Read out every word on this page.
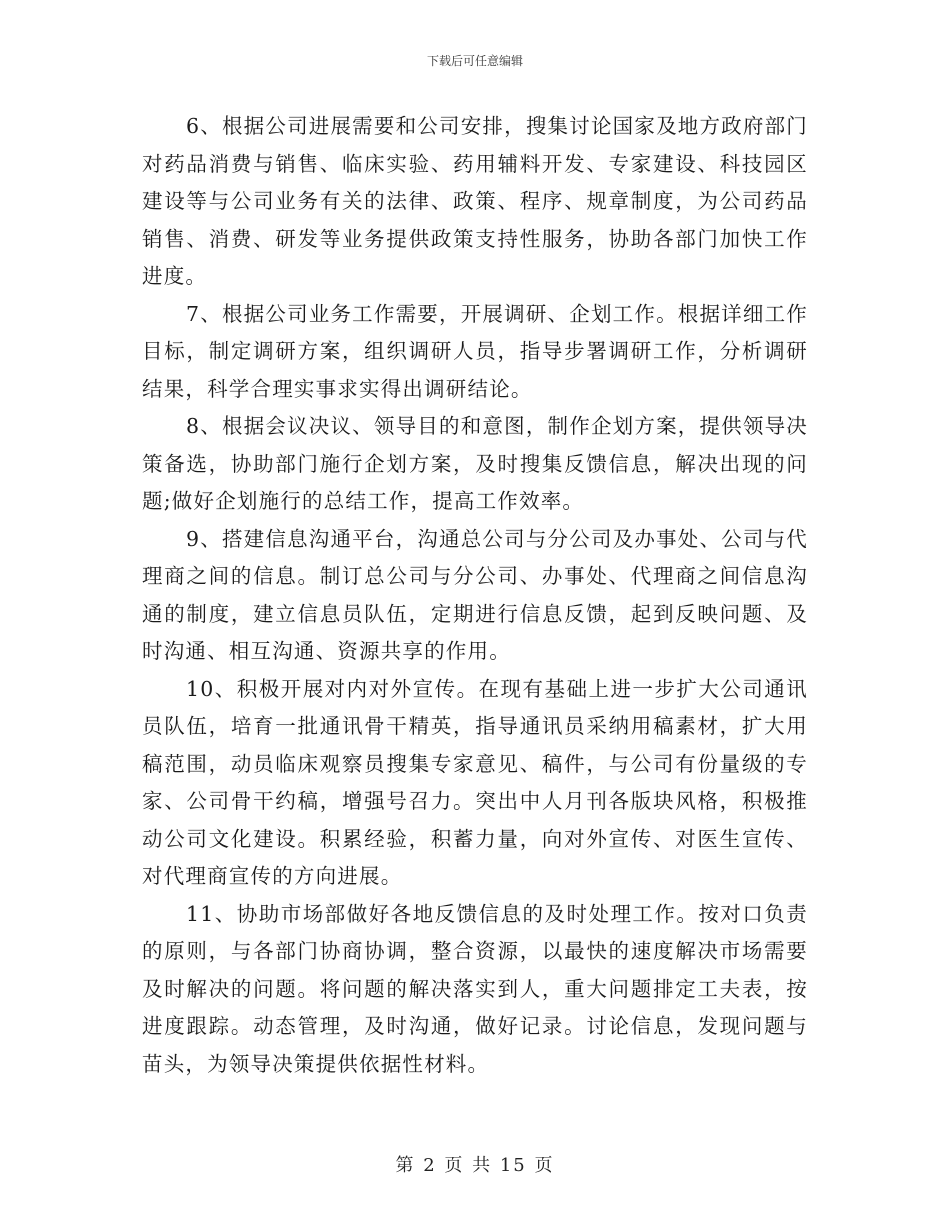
下载后可任意编辑

6、根据公司进展需要和公司安排，搜集讨论国家及地方政府部门对药品消费与销售、临床实验、药用辅料开发、专家建设、科技园区建设等与公司业务有关的法律、政策、程序、规章制度，为公司药品销售、消费、研发等业务提供政策支持性服务，协助各部门加快工作进度。

7、根据公司业务工作需要，开展调研、企划工作。根据详细工作目标，制定调研方案，组织调研人员，指导步署调研工作，分析调研结果，科学合理实事求实得出调研结论。

8、根据会议决议、领导目的和意图，制作企划方案，提供领导决策备选，协助部门施行企划方案，及时搜集反馈信息，解决出现的问题;做好企划施行的总结工作，提高工作效率。

9、搭建信息沟通平台，沟通总公司与分公司及办事处、公司与代理商之间的信息。制订总公司与分公司、办事处、代理商之间信息沟通的制度，建立信息员队伍，定期进行信息反馈，起到反映问题、及时沟通、相互沟通、资源共享的作用。

10、积极开展对内对外宣传。在现有基础上进一步扩大公司通讯员队伍，培育一批通讯骨干精英，指导通讯员采纳用稿素材，扩大用稿范围，动员临床观察员搜集专家意见、稿件，与公司有份量级的专家、公司骨干约稿，增强号召力。突出中人月刊各版块风格，积极推动公司文化建设。积累经验，积蓄力量，向对外宣传、对医生宣传、对代理商宣传的方向进展。

11、协助市场部做好各地反馈信息的及时处理工作。按对口负责的原则，与各部门协商协调，整合资源，以最快的速度解决市场需要及时解决的问题。将问题的解决落实到人，重大问题排定工夫表，按进度跟踪。动态管理，及时沟通，做好记录。讨论信息，发现问题与苗头，为领导决策提供依据性材料。

第 2 页 共 15 页
